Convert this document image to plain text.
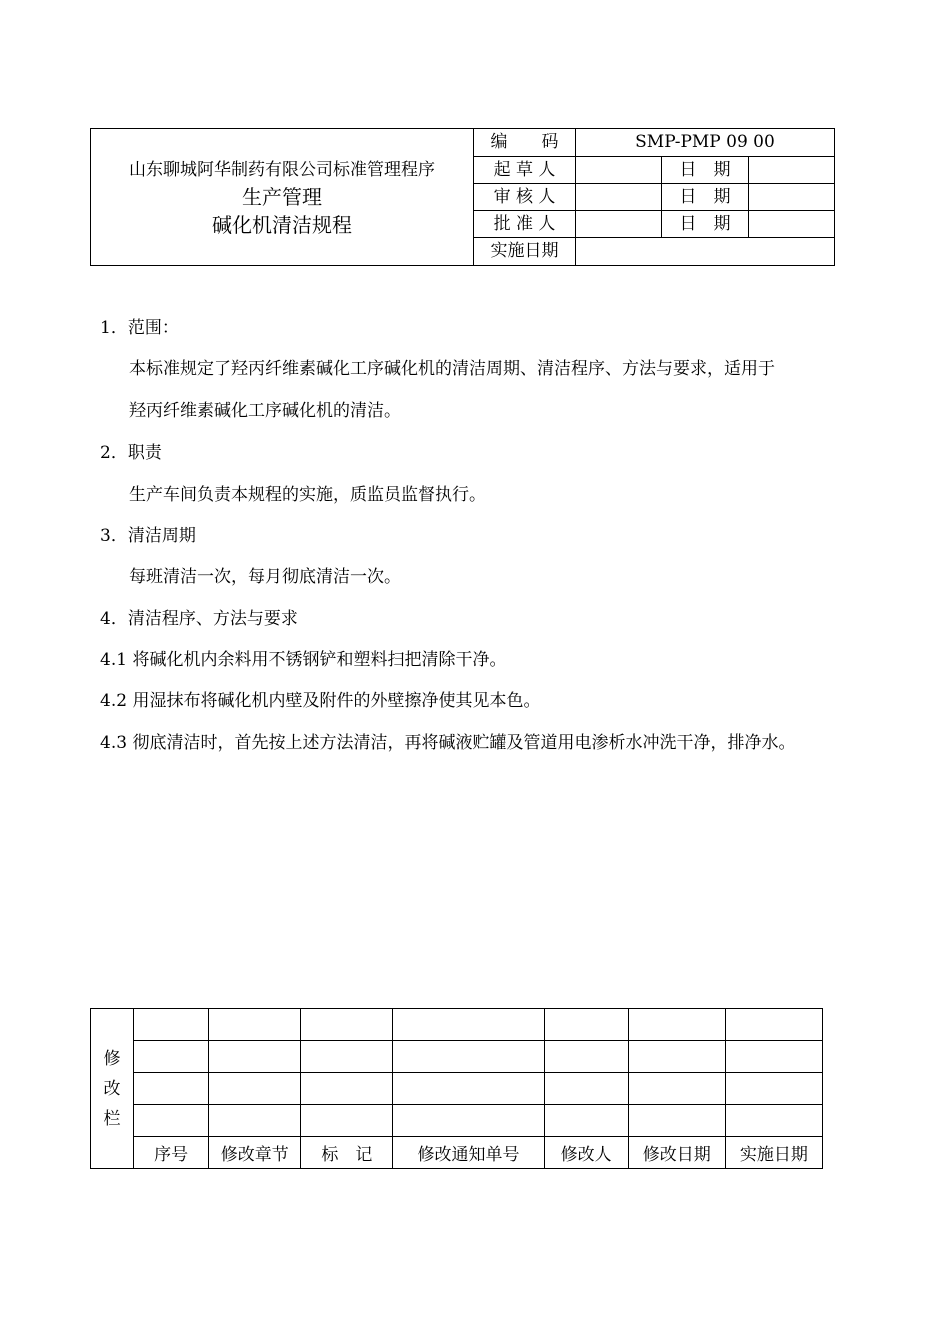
山东聊城阿华制药有限公司标准管理程序
生产管理
碱化机清洁规程	编　　码	SMP-PMP 09 00		
	起 草 人		日　期	
	审 核 人		日　期	
	批 准 人		日　期	
	实施日期			
1．范围：
本标准规定了羟丙纤维素碱化工序碱化机的清洁周期、清洁程序、方法与要求，适用于
羟丙纤维素碱化工序碱化机的清洁。
2．职责
生产车间负责本规程的实施，质监员监督执行。
3．清洁周期
每班清洁一次，每月彻底清洁一次。
4．清洁程序、方法与要求
4.1 将碱化机内余料用不锈钢铲和塑料扫把清除干净。
4.2 用湿抹布将碱化机内壁及附件的外壁擦净使其见本色。
4.3 彻底清洁时，首先按上述方法清洁，再将碱液贮罐及管道用电渗析水冲洗干净，排净水。
修
改
栏							

	序号	修改章节	标　记	修改通知单号	修改人	修改日期	实施日期
